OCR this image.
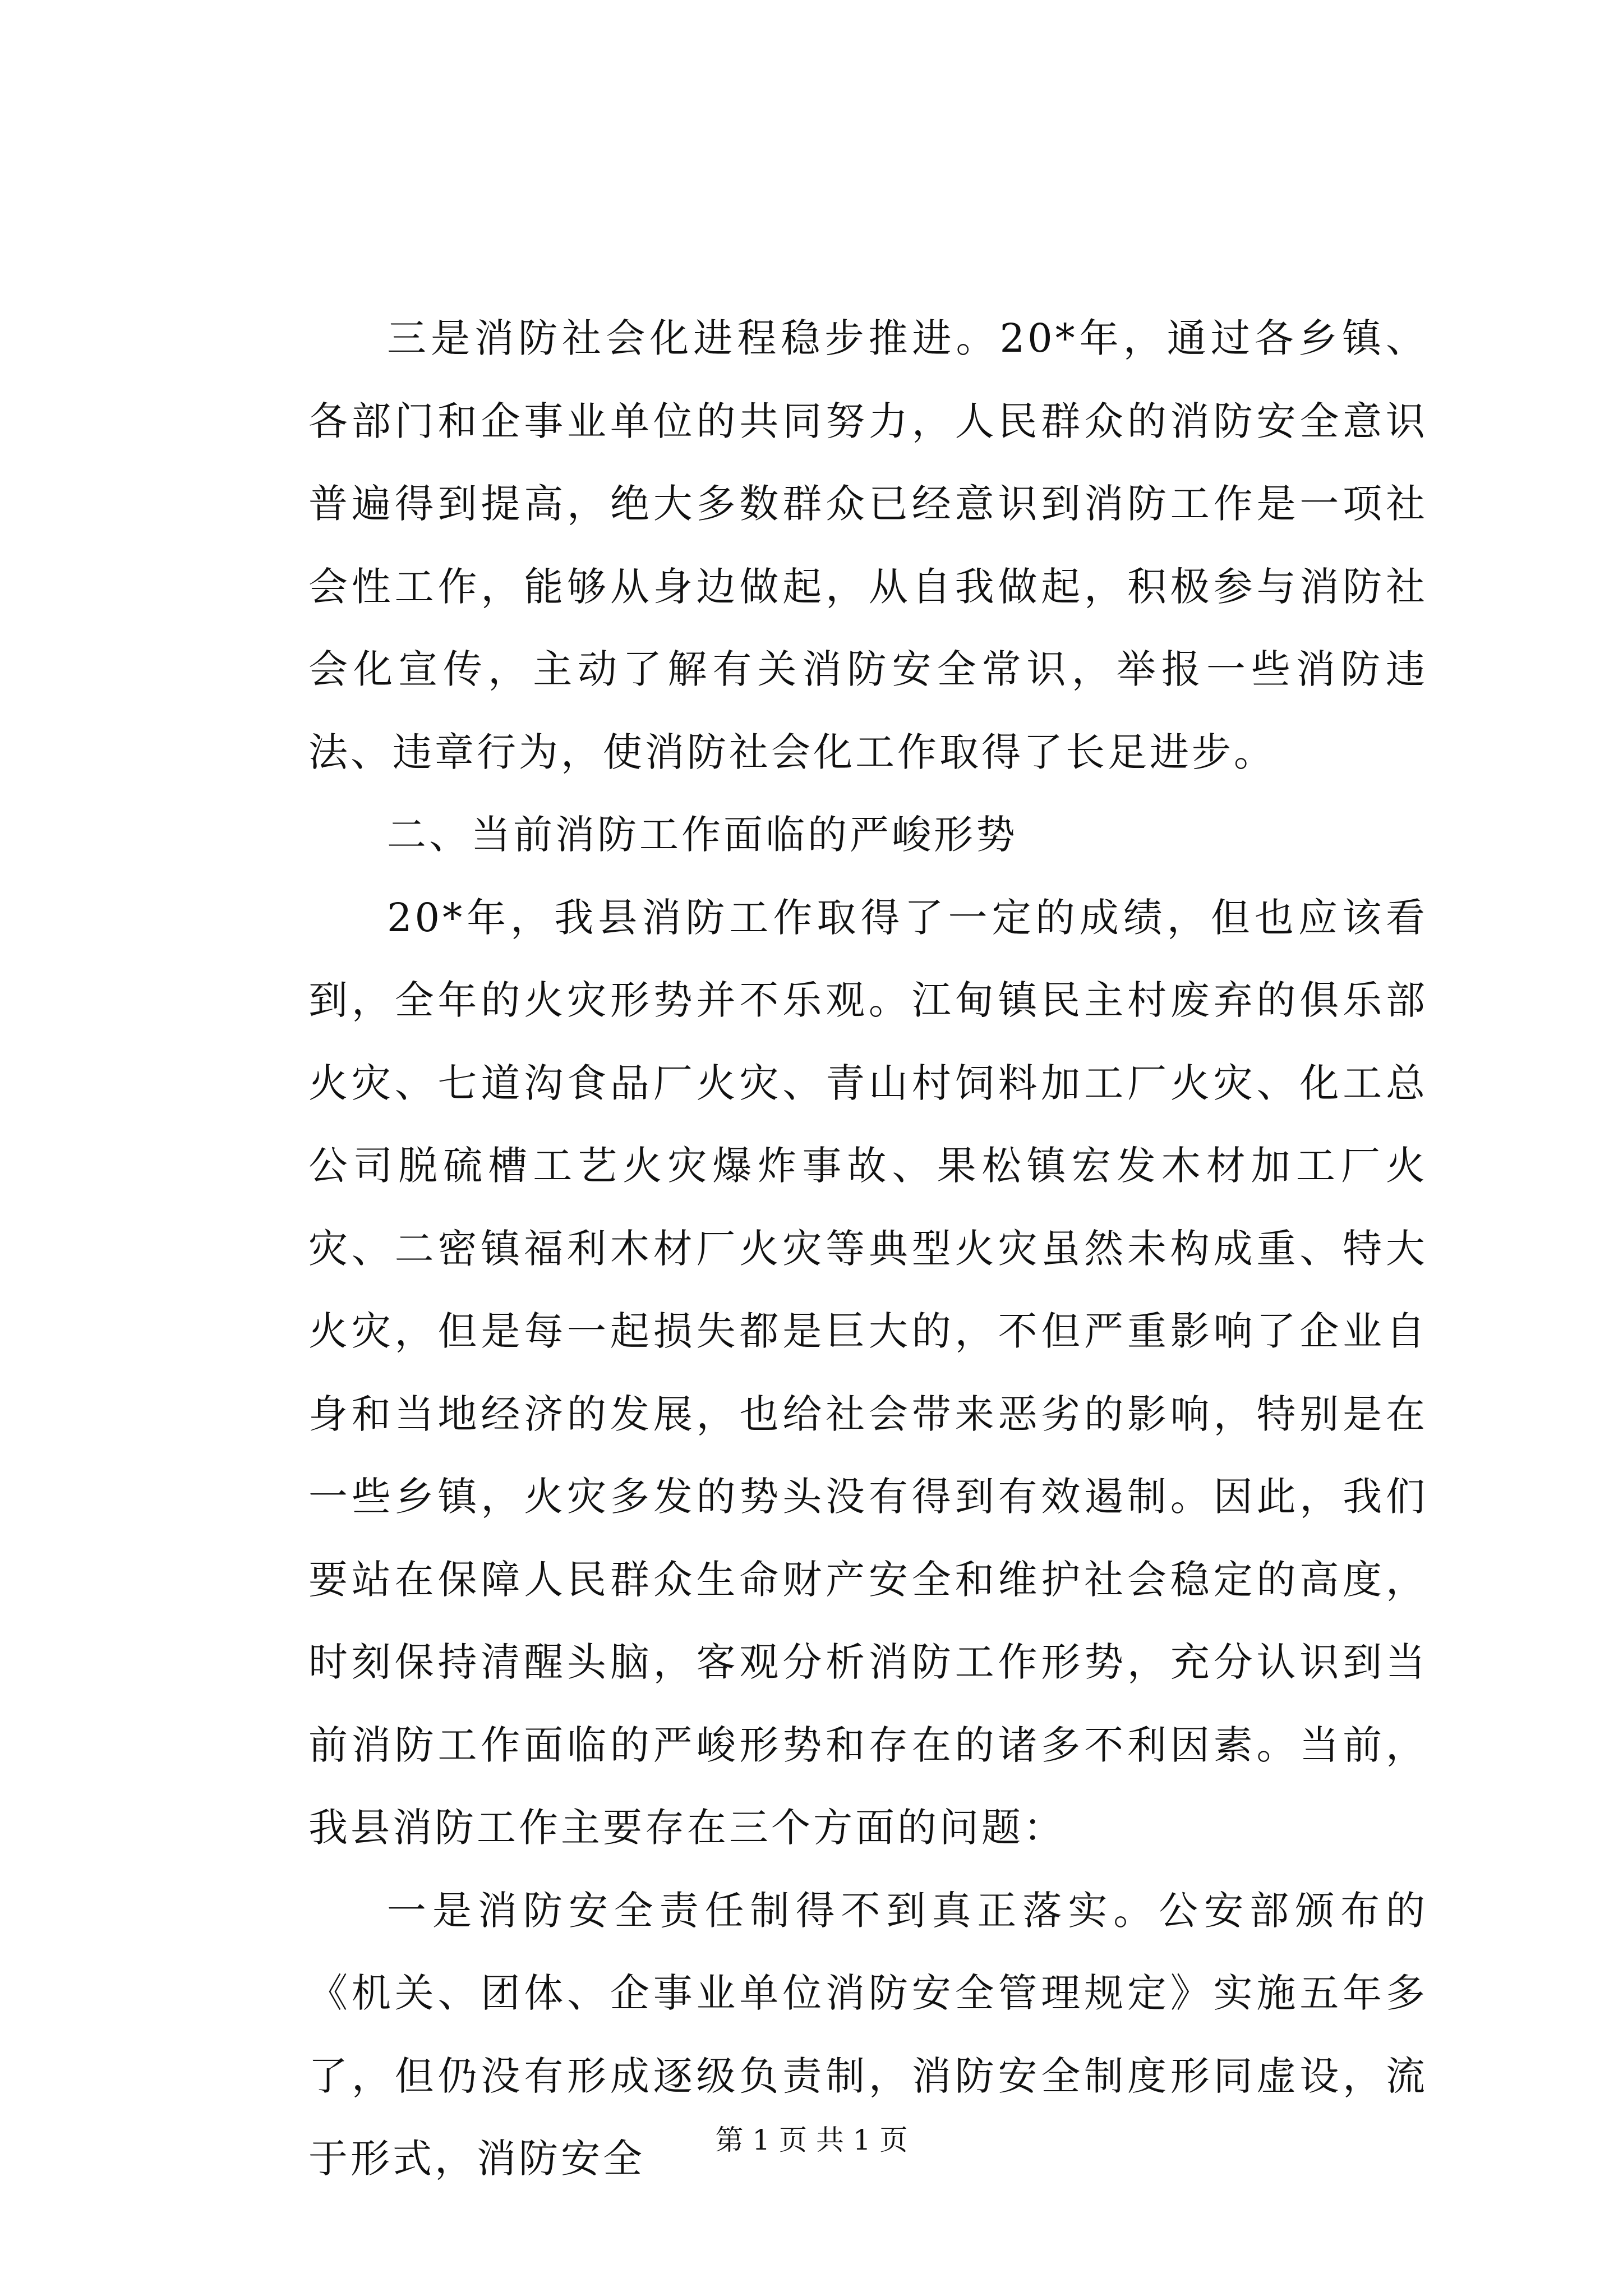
三是消防社会化进程稳步推进。20*年，通过各乡镇、各部门和企事业单位的共同努力，人民群众的消防安全意识普遍得到提高，绝大多数群众已经意识到消防工作是一项社会性工作，能够从身边做起，从自我做起，积极参与消防社会化宣传，主动了解有关消防安全常识，举报一些消防违法、违章行为，使消防社会化工作取得了长足进步。

二、当前消防工作面临的严峻形势

20*年，我县消防工作取得了一定的成绩，但也应该看到，全年的火灾形势并不乐观。江甸镇民主村废弃的俱乐部火灾、七道沟食品厂火灾、青山村饲料加工厂火灾、化工总公司脱硫槽工艺火灾爆炸事故、果松镇宏发木材加工厂火灾、二密镇福利木材厂火灾等典型火灾虽然未构成重、特大火灾，但是每一起损失都是巨大的，不但严重影响了企业自身和当地经济的发展，也给社会带来恶劣的影响，特别是在一些乡镇，火灾多发的势头没有得到有效遏制。因此，我们要站在保障人民群众生命财产安全和维护社会稳定的高度，时刻保持清醒头脑，客观分析消防工作形势，充分认识到当前消防工作面临的严峻形势和存在的诸多不利因素。当前，我县消防工作主要存在三个方面的问题：

一是消防安全责任制得不到真正落实。公安部颁布的《机关、团体、企事业单位消防安全管理规定》实施五年多了，但仍没有形成逐级负责制，消防安全制度形同虚设，流于形式，消防安全	第 1 页 共 1 页
